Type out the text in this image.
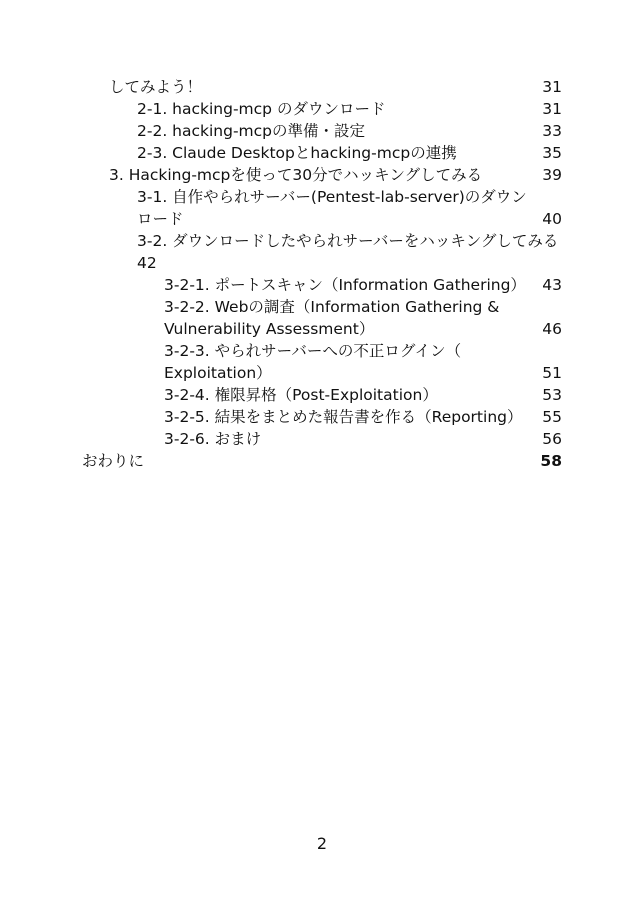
してみよう！	31
2-1. hacking-mcp のダウンロード	31
2-2. hacking-mcpの準備・設定	33
2-3. Claude Desktopとhacking-mcpの連携	35
3. Hacking-mcpを使って30分でハッキングしてみる	39
3-1. 自作やられサーバー(Pentest-lab-server)のダウン
ロード	40
3-2. ダウンロードしたやられサーバーをハッキングしてみる
42
3-2-1. ポートスキャン（Information Gathering）	43
3-2-2. Webの調査（Information Gathering &
Vulnerability Assessment）	46
3-2-3. やられサーバーへの不正ログイン（
Exploitation）	51
3-2-4. 権限昇格（Post-Exploitation）	53
3-2-5. 結果をまとめた報告書を作る（Reporting）	55
3-2-6. おまけ	56
おわりに	58
2
